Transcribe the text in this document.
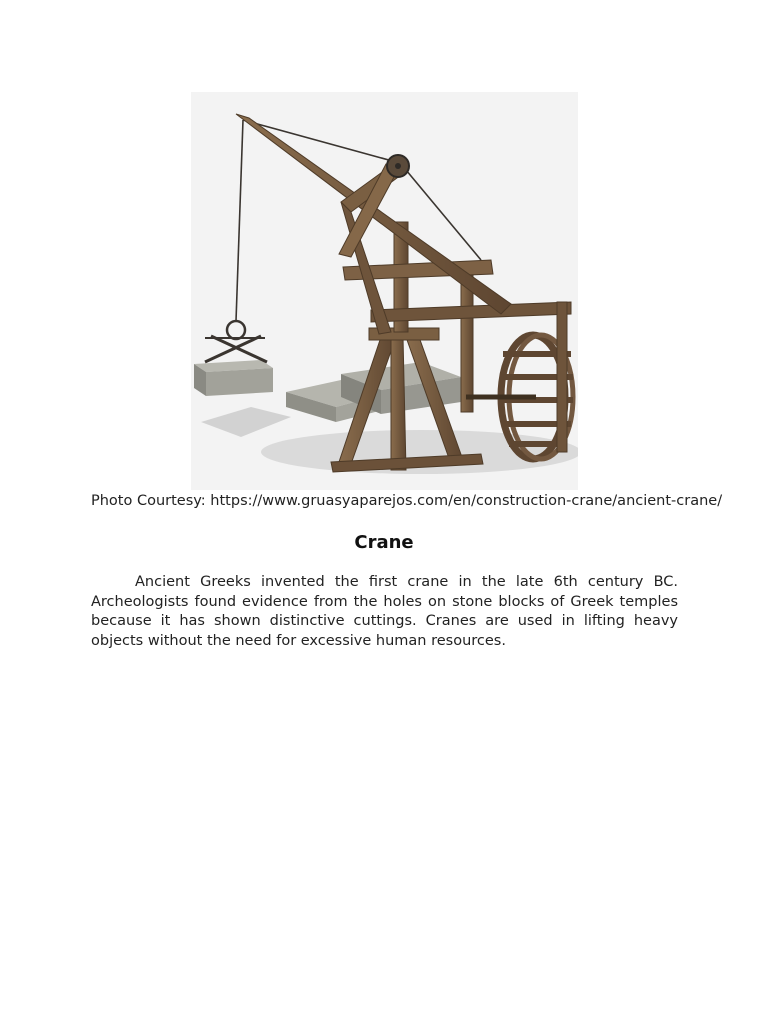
Photo Courtesy: https://www.gruasyaparejos.com/en/construction-crane/ancient-crane/
Crane

Ancient Greeks invented the first crane in the late 6th century BC. Archeologists found evidence from the holes on stone blocks of Greek temples because it has shown distinctive cuttings. Cranes are used in lifting heavy objects without the need for excessive human resources.
